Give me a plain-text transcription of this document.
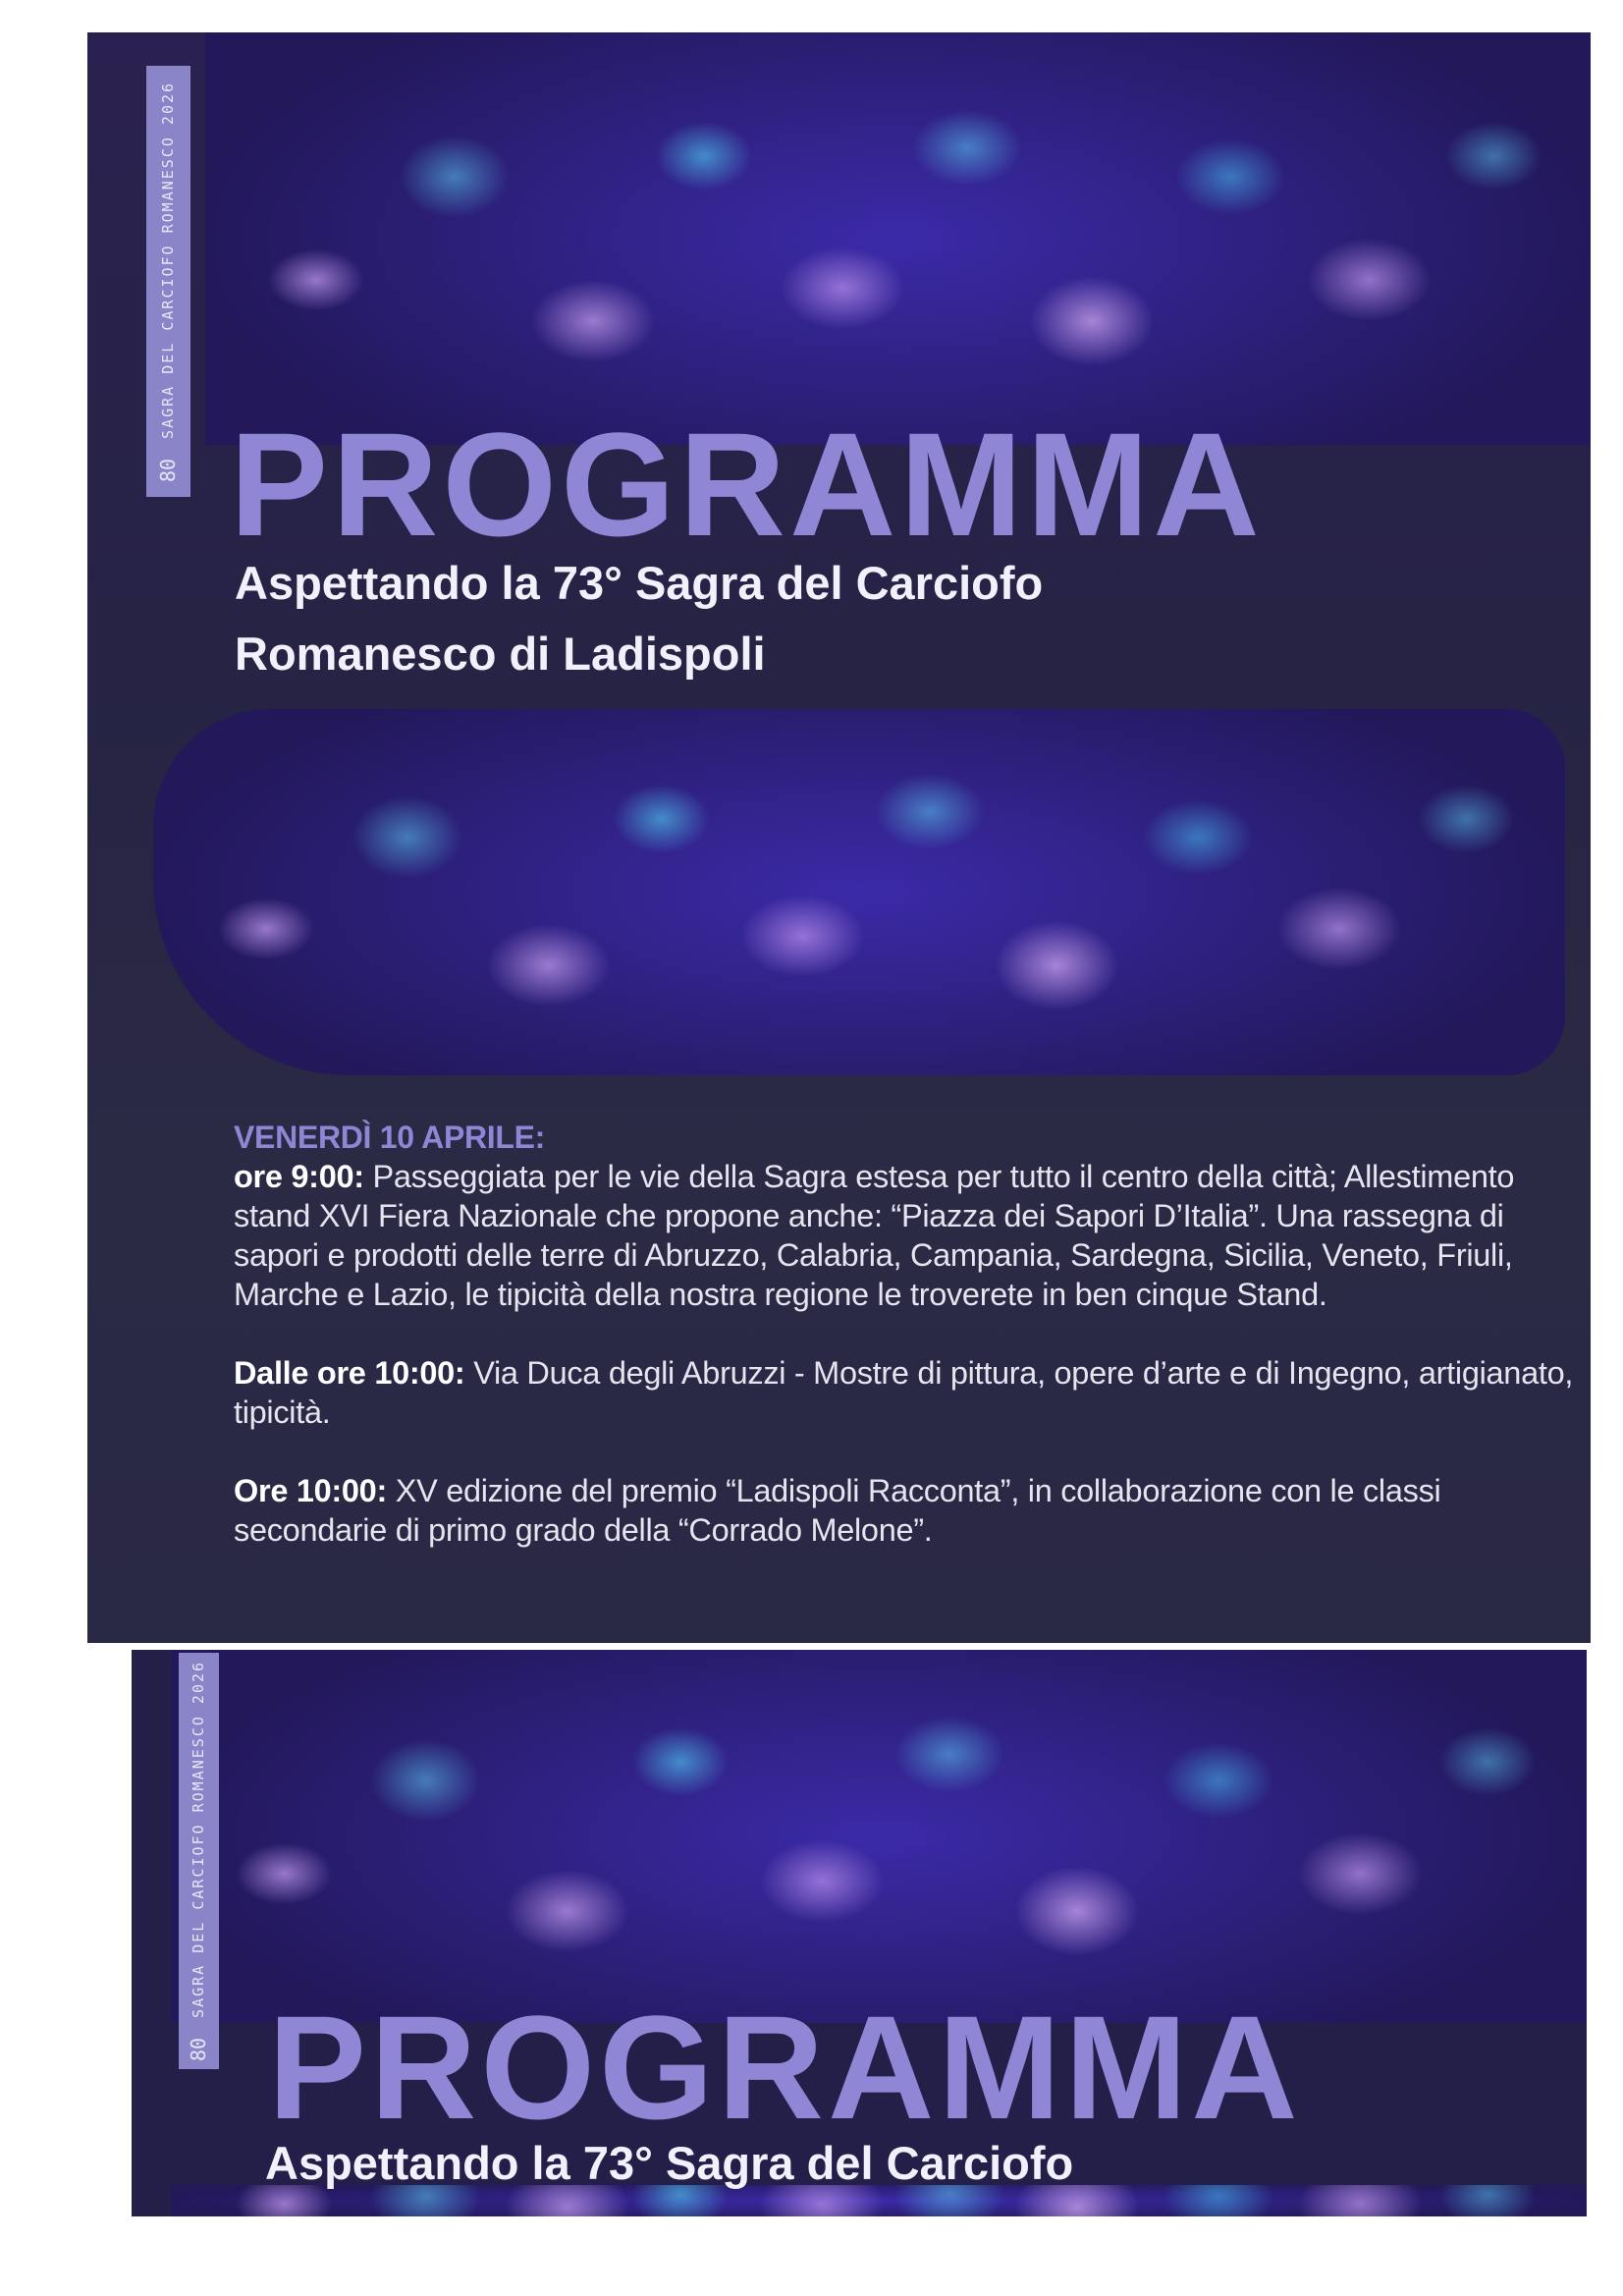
80
SAGRA DEL CARCIOFO ROMANESCO 2026
PROGRAMMA
Aspettando la 73° Sagra del Carciofo
Romanesco di Ladispoli
VENERDÌ 10 APRILE:

ore 9:00: Passeggiata per le vie della Sagra estesa per tutto il centro della città; Allestimento stand XVI Fiera Nazionale che propone anche: “Piazza dei Sapori D’Italia”. Una rassegna di sapori e prodotti delle terre di Abruzzo, Calabria, Campania, Sardegna, Sicilia, Veneto, Friuli, Marche e Lazio, le tipicità della nostra regione le troverete in ben cinque Stand.

Dalle ore 10:00: Via Duca degli Abruzzi - Mostre di pittura, opere d’arte e di Ingegno, artigianato, tipicità.

Ore 10:00: XV edizione del premio “Ladispoli Racconta”, in collaborazione con le classi secondarie di primo grado della “Corrado Melone”.

80
SAGRA DEL CARCIOFO ROMANESCO 2026
PROGRAMMA
Aspettando la 73° Sagra del Carciofo
